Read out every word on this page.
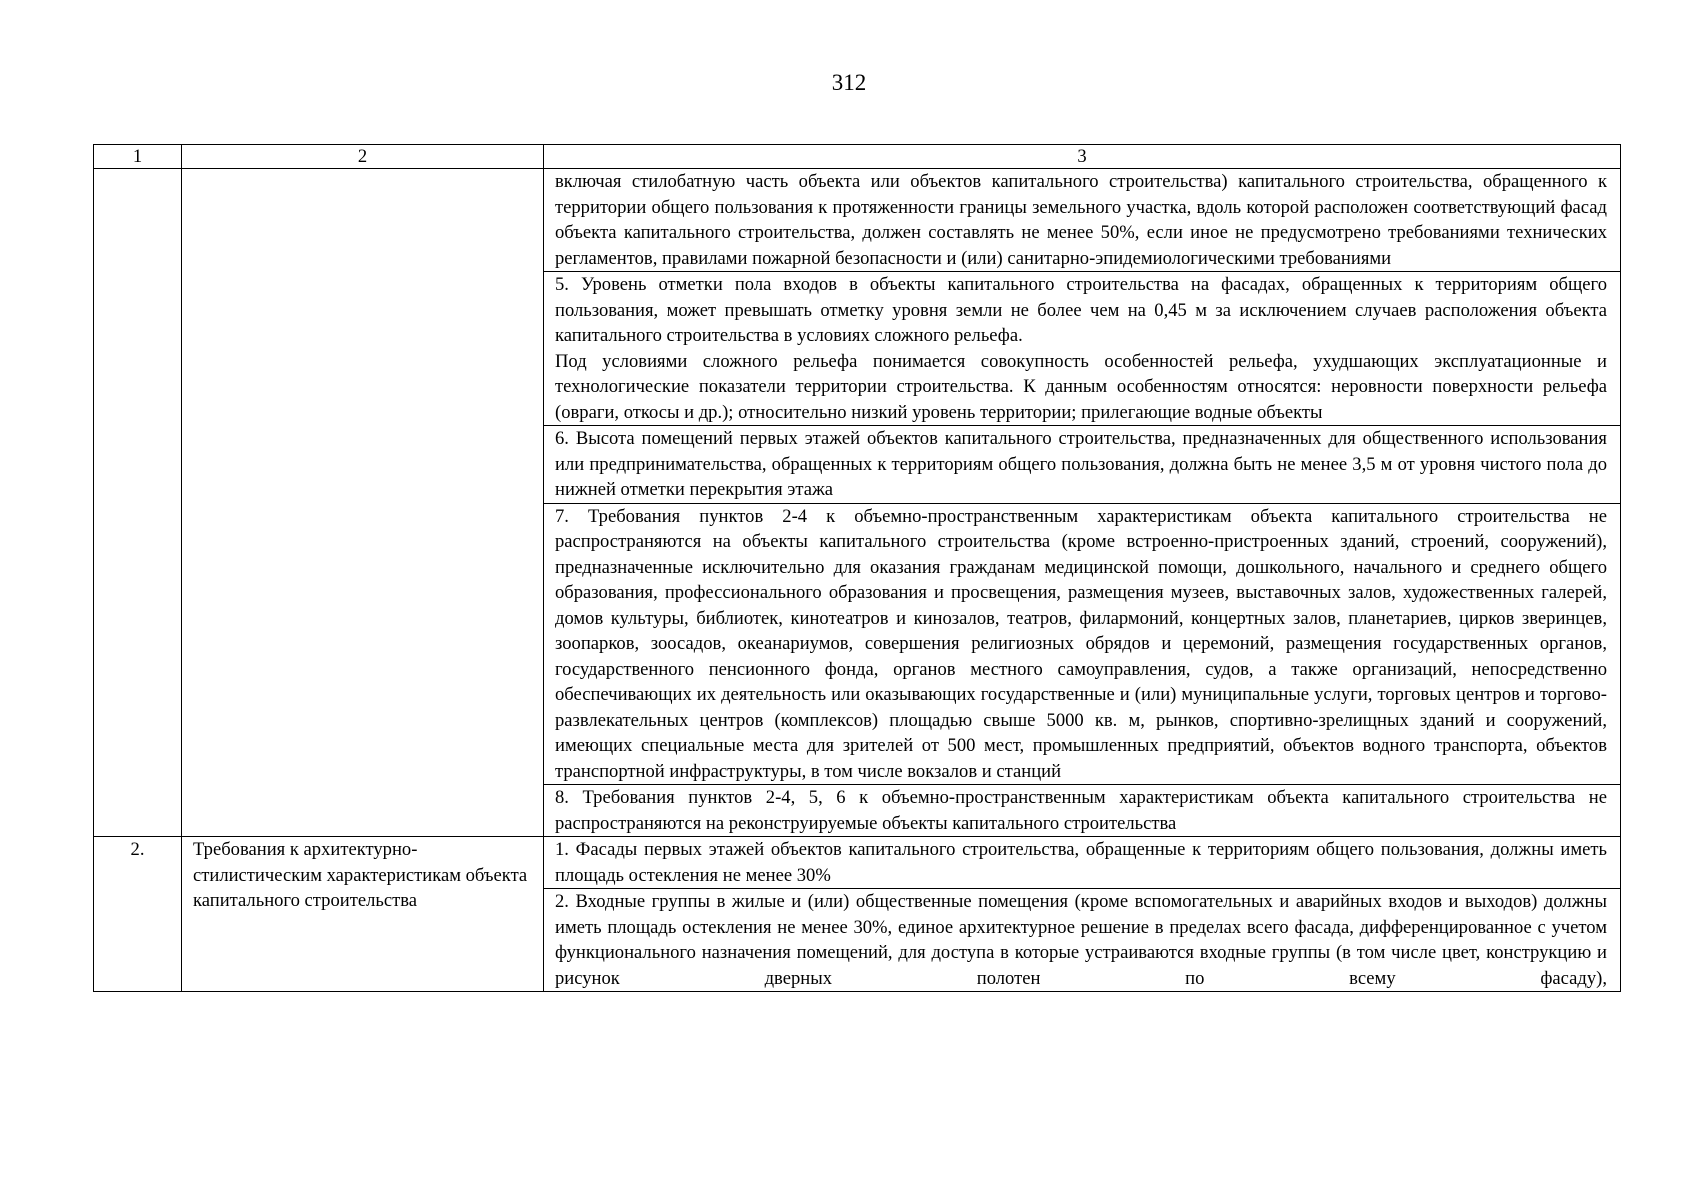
312
1	2	3
		включая стилобатную часть объекта или объектов капитального строительства) капитального строительства, обращенного к территории общего пользования к протяженности границы земельного участка, вдоль которой расположен соответствующий фасад объекта капитального строительства, должен составлять не менее 50%, если иное не предусмотрено требованиями технических регламентов, правилами пожарной безопасности и (или) санитарно-эпидемиологическими требованиями

		5. Уровень отметки пола входов в объекты капитального строительства на фасадах, обращенных к территориям общего пользования, может превышать отметку уровня земли не более чем на 0,45 м за исключением случаев расположения объекта капитального строительства в условиях сложного рельефа.
Под условиями сложного рельефа понимается совокупность особенностей рельефа, ухудшающих эксплуатационные и технологические показатели территории строительства. К данным особенностям относятся: неровности поверхности рельефа (овраги, откосы и др.); относительно низкий уровень территории; прилегающие водные объекты

		6. Высота помещений первых этажей объектов капитального строительства, предназначенных для общественного использования или предпринимательства, обращенных к территориям общего пользования, должна быть не менее 3,5 м от уровня чистого пола до нижней отметки перекрытия этажа
		7. Требования пунктов 2-4 к объемно-пространственным характеристикам объекта капитального строительства не распространяются на объекты капитального строительства (кроме встроенно-пристроенных зданий, строений, сооружений), предназначенные исключительно для оказания гражданам медицинской помощи, дошкольного, начального и среднего общего образования, профессионального образования и просвещения, размещения музеев, выставочных залов, художественных галерей, домов культуры, библиотек, кинотеатров и кинозалов, театров, филармоний, концертных залов, планетариев, цирков зверинцев, зоопарков, зоосадов, океанариумов, совершения религиозных обрядов и церемоний, размещения государственных органов, государственного пенсионного фонда, органов местного самоуправления, судов, а также организаций, непосредственно обеспечивающих их деятельность или оказывающих государственные и (или) муниципальные услуги, торговых центров и торгово-развлекательных центров (комплексов) площадью свыше 5000 кв. м, рынков, спортивно-зрелищных зданий и сооружений, имеющих специальные места для зрителей от 500 мест, промышленных предприятий, объектов водного транспорта, объектов транспортной инфраструктуры, в том числе вокзалов и станций
		8. Требования пунктов 2-4, 5, 6 к объемно-пространственным характеристикам объекта капитального строительства не распространяются на реконструируемые объекты капитального строительства
2.	Требования к архитектурно-стилистическим характеристикам объекта капитального строительства	1. Фасады первых этажей объектов капитального строительства, обращенные к территориям общего пользования, должны иметь площадь остекления не менее 30%
		2. Входные группы в жилые и (или) общественные помещения (кроме вспомогательных и аварийных входов и выходов) должны иметь площадь остекления не менее 30%, единое архитектурное решение в пределах всего фасада, дифференцированное с учетом функционального назначения помещений, для доступа в которые устраиваются входные группы (в том числе цвет, конструкцию и рисунок дверных полотен по всему фасаду),
